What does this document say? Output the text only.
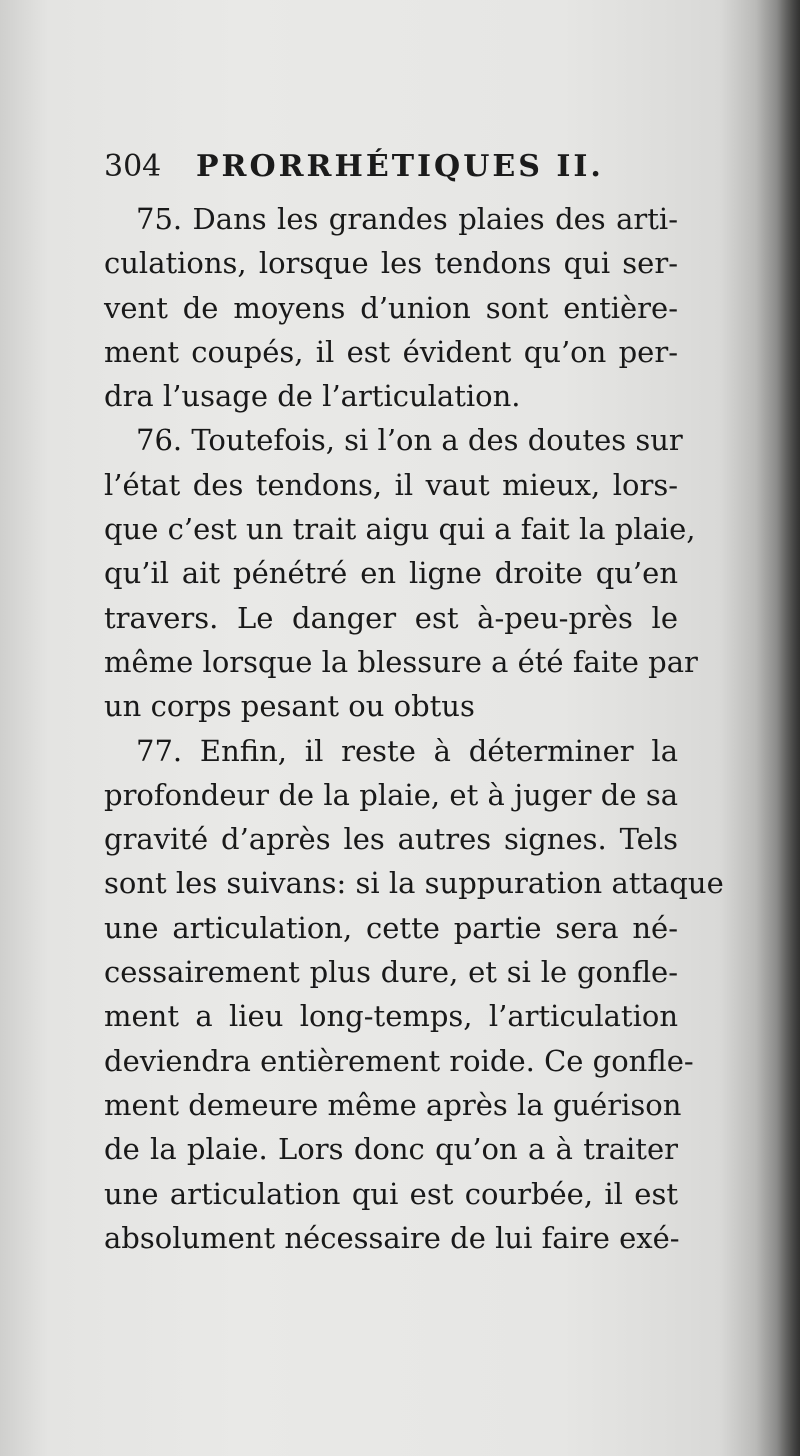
304 PRORRHÉTIQUES II.
75. Dans les grandes plaies des arti-
culations, lorsque les tendons qui ser-
vent de moyens d’union sont entière-
ment coupés, il est évident qu’on per-
dra l’usage de l’articulation.
76. Toutefois, si l’on a des doutes sur
l’état des tendons, il vaut mieux, lors-
que c’est un trait aigu qui a fait la plaie,
qu’il ait pénétré en ligne droite qu’en
travers. Le danger est à-peu-près le
même lorsque la blessure a été faite par
un corps pesant ou obtus
77. Enfin, il reste à déterminer la
profondeur de la plaie, et à juger de sa
gravité d’après les autres signes. Tels
sont les suivans: si la suppuration attaque
une articulation, cette partie sera né-
cessairement plus dure, et si le gonfle-
ment a lieu long-temps, l’articulation
deviendra entièrement roide. Ce gonfle-
ment demeure même après la guérison
de la plaie. Lors donc qu’on a à traiter
une articulation qui est courbée, il est
absolument nécessaire de lui faire exé-
